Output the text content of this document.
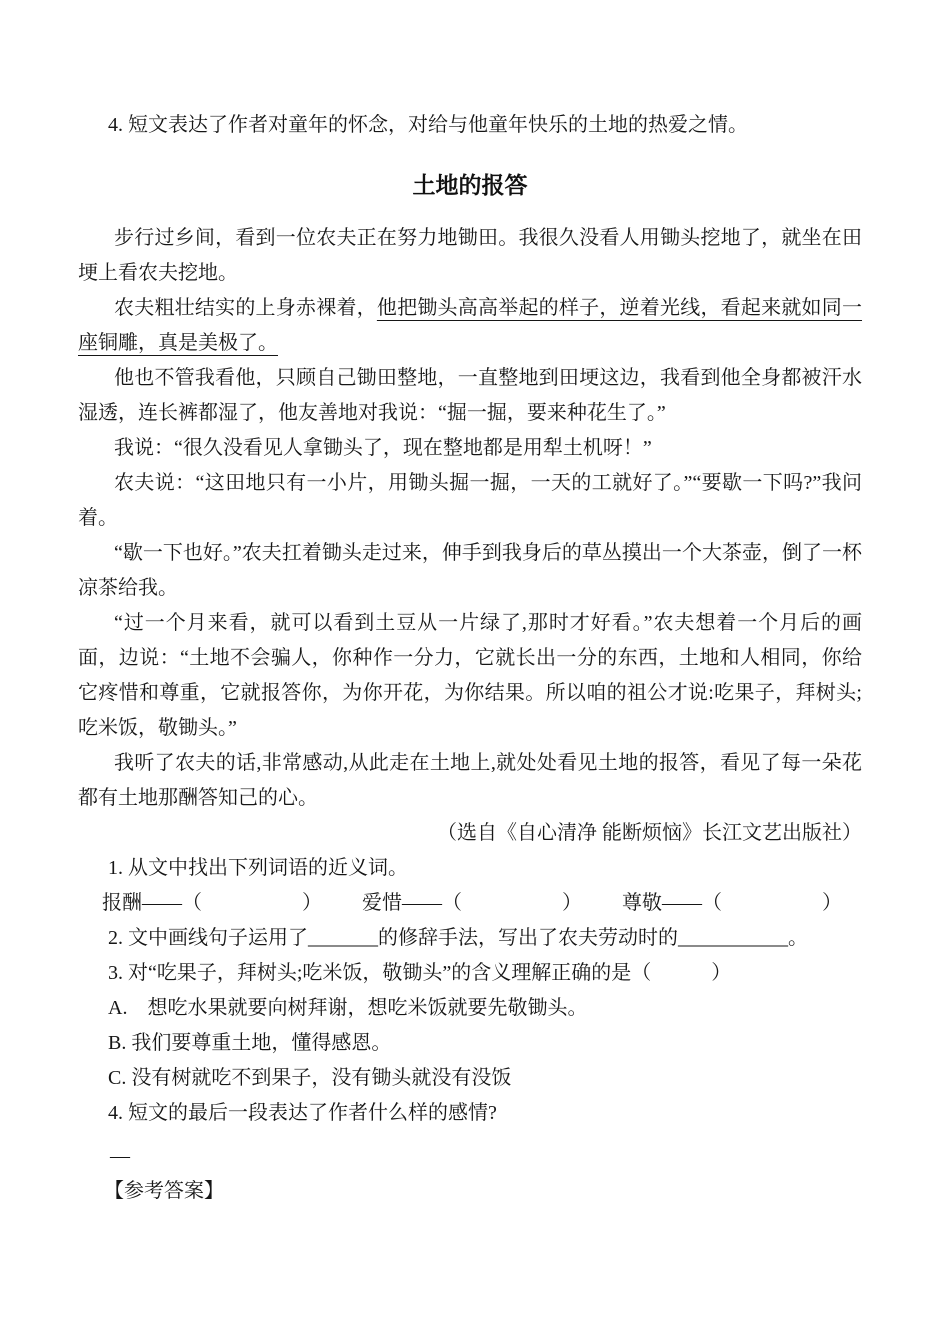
4. 短文表达了作者对童年的怀念，对给与他童年快乐的土地的热爱之情。
土地的报答

步行过乡间，看到一位农夫正在努力地锄田。我很久没看人用锄头挖地了，就坐在田埂上看农夫挖地。

农夫粗壮结实的上身赤裸着，他把锄头高高举起的样子，逆着光线，看起来就如同一座铜雕，真是美极了。

他也不管我看他，只顾自己锄田整地，一直整地到田埂这边，我看到他全身都被汗水湿透，连长裤都湿了，他友善地对我说：“掘一掘，要来种花生了。”

我说：“很久没看见人拿锄头了，现在整地都是用犁土机呀！”

农夫说：“这田地只有一小片，用锄头掘一掘，一天的工就好了。”“要歇一下吗?”我问着。

“歇一下也好。”农夫扛着锄头走过来，伸手到我身后的草丛摸出一个大茶壶，倒了一杯凉茶给我。

“过一个月来看，就可以看到土豆从一片绿了,那时才好看。”农夫想着一个月后的画面，边说：“土地不会骗人，你种作一分力，它就长出一分的东西，土地和人相同，你给它疼惜和尊重，它就报答你，为你开花，为你结果。所以咱的祖公才说:吃果子，拜树头;吃米饭，敬锄头。”

我听了农夫的话,非常感动,从此走在土地上,就处处看见土地的报答，看见了每一朵花都有土地那酬答知己的心。

（选自《自心清净 能断烦恼》长江文艺出版社）
1. 从文中找出下列词语的近义词。
报酬——（　　　　　） 爱惜——（　　　　　） 尊敬——（　　　　　）
2. 文中画线句子运用了_______的修辞手法，写出了农夫劳动时的___________。
3. 对“吃果子，拜树头;吃米饭，敬锄头”的含义理解正确的是（　　　）
A.　想吃水果就要向树拜谢，想吃米饭就要先敬锄头。
B. 我们要尊重土地，懂得感恩。
C. 没有树就吃不到果子，没有锄头就没有没饭
4. 短文的最后一段表达了作者什么样的感情?
—
【参考答案】
